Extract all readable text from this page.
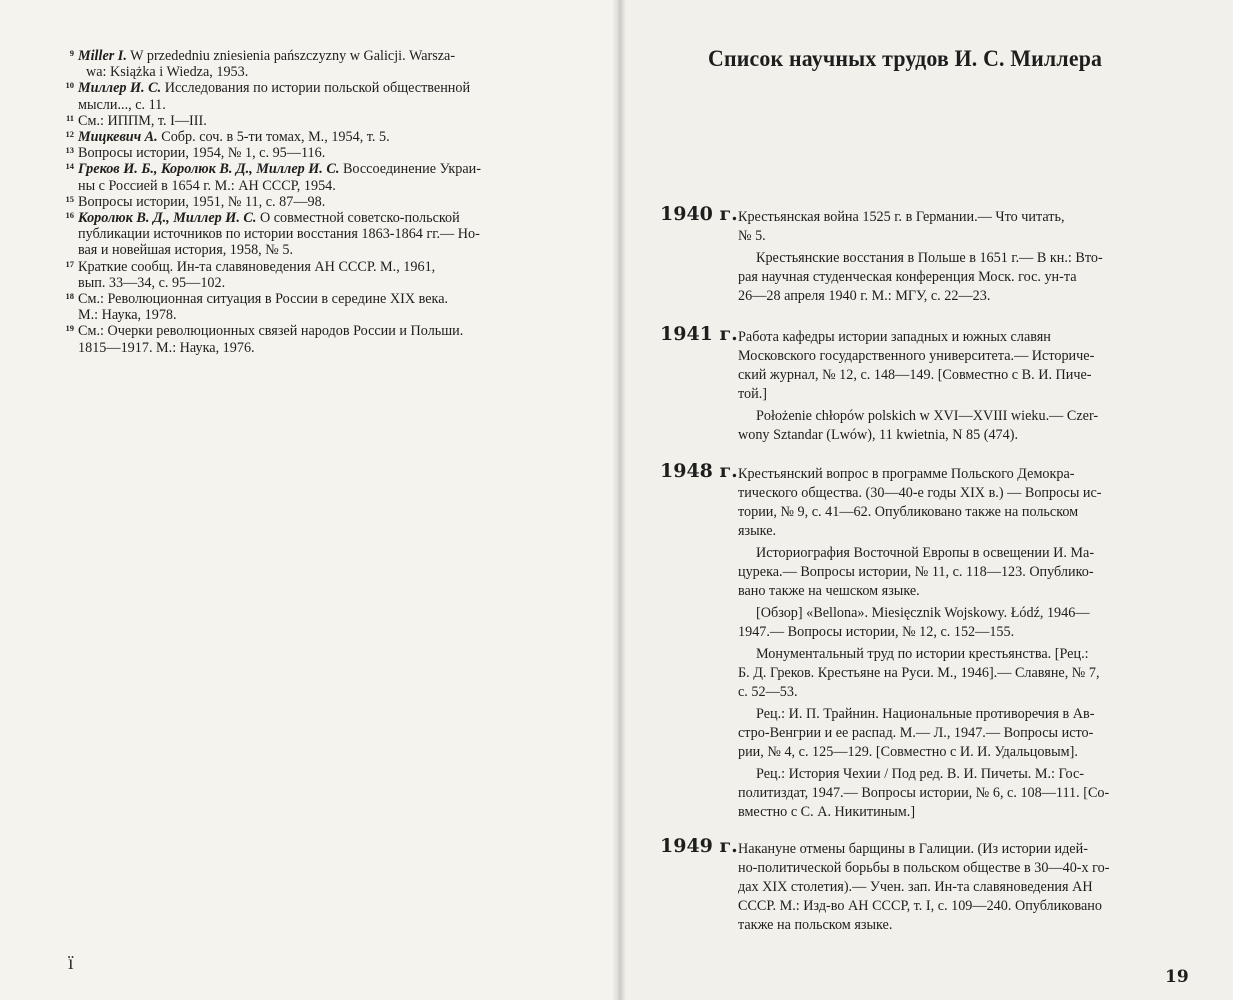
9 Miller I. W przededniu zniesienia pańszczyzny w Galicji. Warsza-
wa: Książka i Wiedza, 1953.
10 Миллер И. С. Исследования по истории польской общественной
мысли..., с. 11.
11 См.: ИППМ, т. I—III.
12 Мицкевич А. Собр. соч. в 5-ти томах, М., 1954, т. 5.
13 Вопросы истории, 1954, № 1, с. 95—116.
14 Греков И. Б., Королюк В. Д., Миллер И. С. Воссоединение Украи-
ны с Россией в 1654 г. М.: АН СССР, 1954.
15 Вопросы истории, 1951, № 11, с. 87—98.
16 Королюк В. Д., Миллер И. С. О совместной советско-польской
публикации источников по истории восстания 1863-1864 гг.— Но-
вая и новейшая история, 1958, № 5.
17 Краткие сообщ. Ин-та славяноведения АН СССР. М., 1961,
вып. 33—34, с. 95—102.
18 См.: Революционная ситуация в России в середине XIX века.
М.: Наука, 1978.
19 См.: Очерки революционных связей народов России и Польши.
1815—1917. М.: Наука, 1976.
ї
Список научных трудов И. С. Миллера
1940 г. Крестьянская война 1525 г. в Германии.— Что читать,
№ 5.
Крестьянские восстания в Польше в 1651 г.— В кн.: Вто-
рая научная студенческая конференция Моск. гос. ун-та
26—28 апреля 1940 г. М.: МГУ, с. 22—23.
1941 г. Работа кафедры истории западных и южных славян
Московского государственного университета.— Историче-
ский журнал, № 12, с. 148—149. [Совместно с В. И. Пиче-
той.]
Położenie chłopów polskich w XVI—XVIII wieku.— Czer-
wony Sztandar (Lwów), 11 kwietnia, N 85 (474).
1948 г. Крестьянский вопрос в программе Польского Демокра-
тического общества. (30—40-е годы XIX в.) — Вопросы ис-
тории, № 9, с. 41—62. Опубликовано также на польском
языке.
Историография Восточной Европы в освещении И. Ма-
цурека.— Вопросы истории, № 11, с. 118—123. Опублико-
вано также на чешском языке.
[Обзор] «Bellona». Miesięcznik Wojskowy. Łódź, 1946—
1947.— Вопросы истории, № 12, с. 152—155.
Монументальный труд по истории крестьянства. [Рец.:
Б. Д. Греков. Крестьяне на Руси. М., 1946].— Славяне, № 7,
с. 52—53.
Рец.: И. П. Трайнин. Национальные противоречия в Ав-
стро-Венгрии и ее распад. М.— Л., 1947.— Вопросы исто-
рии, № 4, с. 125—129. [Совместно с И. И. Удальцовым].
Рец.: История Чехии / Под ред. В. И. Пичеты. М.: Гос-
политиздат, 1947.— Вопросы истории, № 6, с. 108—111. [Со-
вместно с С. А. Никитиным.]
1949 г. Накануне отмены барщины в Галиции. (Из истории идей-
но-политической борьбы в польском обществе в 30—40-х го-
дах XIX столетия).— Учен. зап. Ин-та славяноведения АН
СССР. М.: Изд-во АН СССР, т. I, с. 109—240. Опубликовано
также на польском языке.
19
